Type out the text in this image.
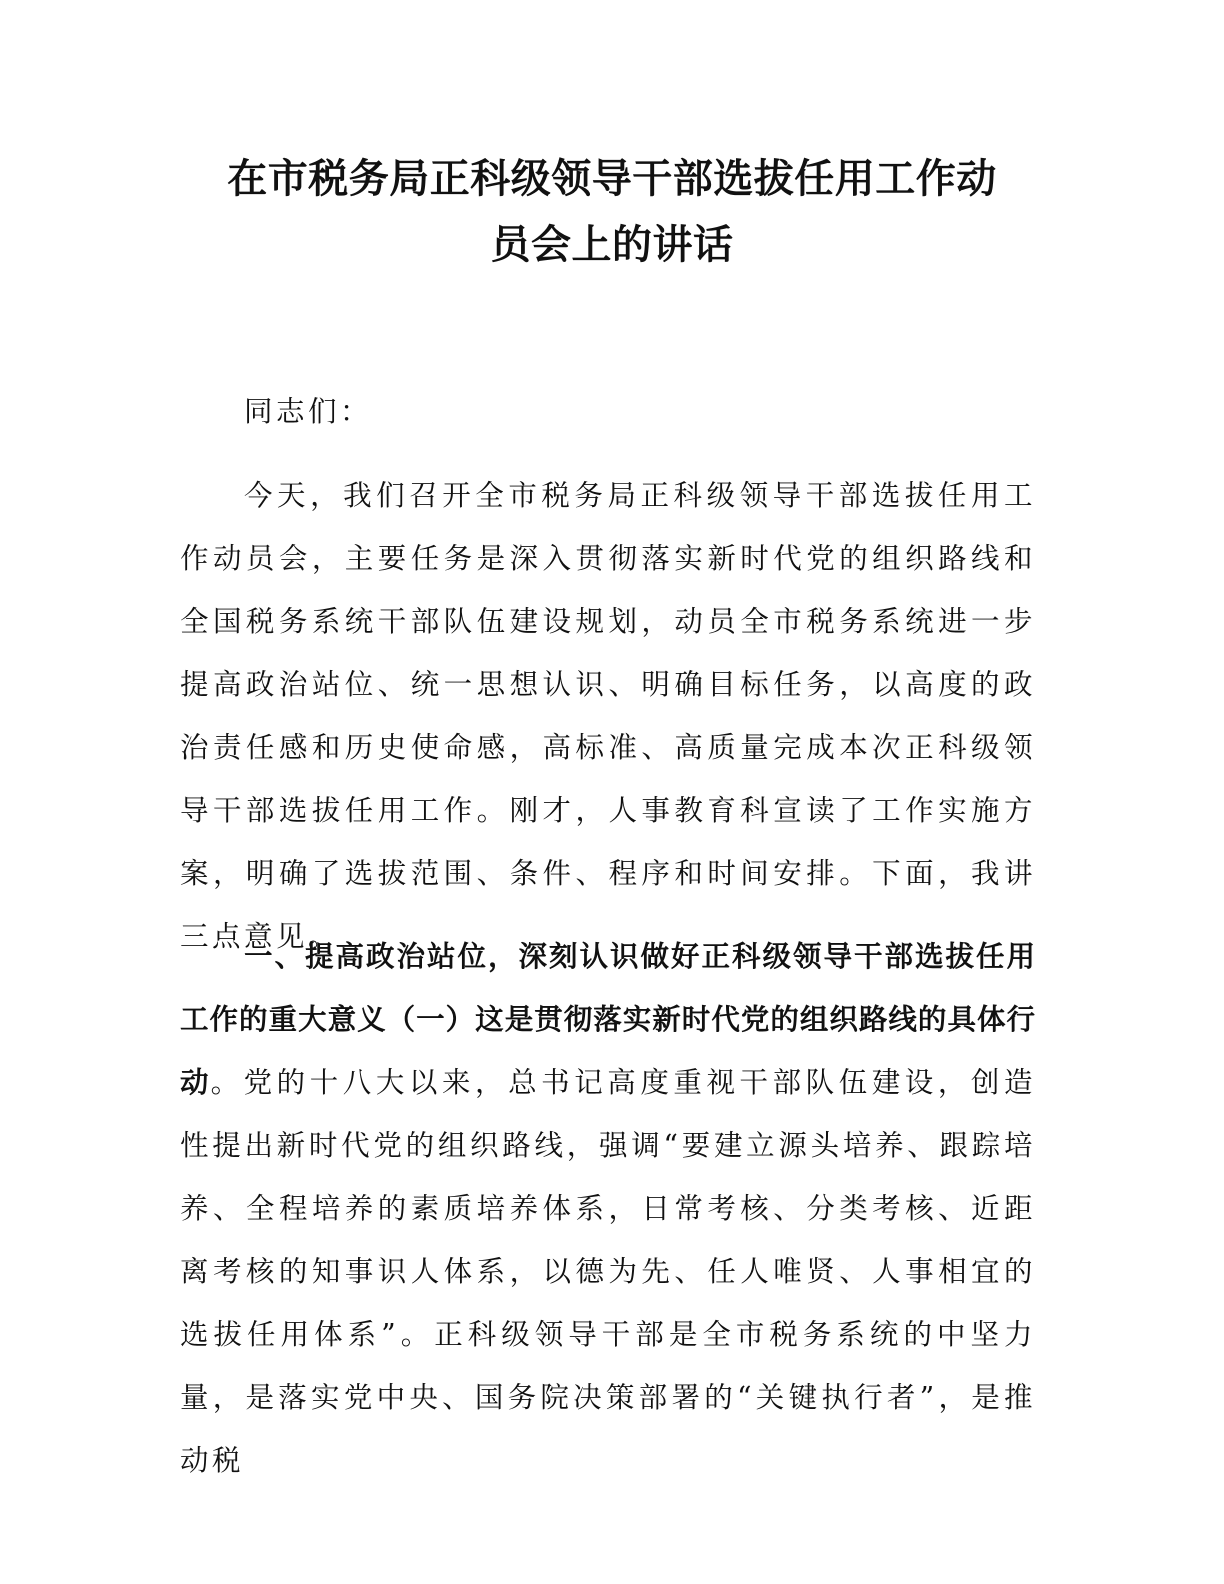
在市税务局正科级领导干部选拔任用工作动
员会上的讲话

同志们：

今天，我们召开全市税务局正科级领导干部选拔任用工作动员会，主要任务是深入贯彻落实新时代党的组织路线和全国税务系统干部队伍建设规划，动员全市税务系统进一步提高政治站位、统一思想认识、明确目标任务，以高度的政治责任感和历史使命感，高标准、高质量完成本次正科级领导干部选拔任用工作。刚才，人事教育科宣读了工作实施方案，明确了选拔范围、条件、程序和时间安排。下面，我讲三点意见。

一、提高政治站位，深刻认识做好正科级领导干部选拔任用工作的重大意义（一）这是贯彻落实新时代党的组织路线的具体行动。党的十八大以来，总书记高度重视干部队伍建设，创造性提出新时代党的组织路线，强调“要建立源头培养、跟踪培养、全程培养的素质培养体系，日常考核、分类考核、近距离考核的知事识人体系，以德为先、任人唯贤、人事相宜的选拔任用体系”。正科级领导干部是全市税务系统的中坚力量，是落实党中央、国务院决策部署的“关键执行者”，是推动税
